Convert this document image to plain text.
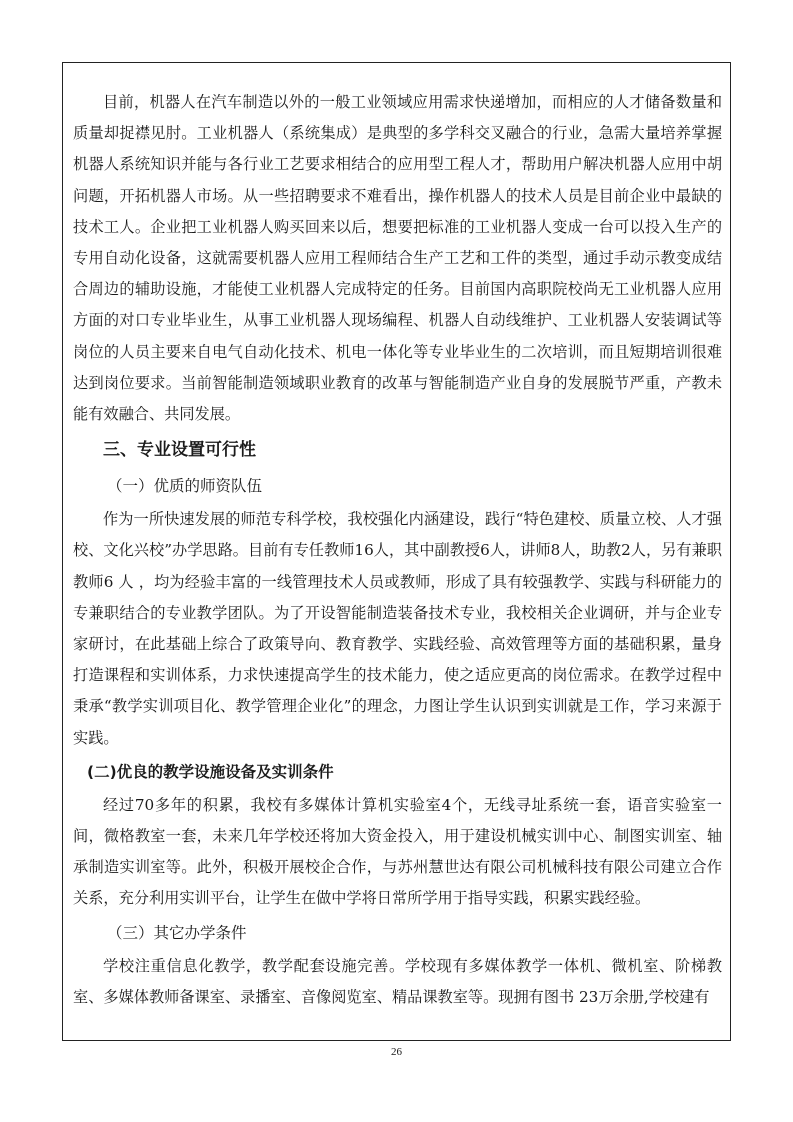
目前，机器人在汽车制造以外的一般工业领域应用需求快递增加，而相应的人才储备数量和质量却捉襟见肘。工业机器人（系统集成）是典型的多学科交叉融合的行业，急需大量培养掌握机器人系统知识并能与各行业工艺要求相结合的应用型工程人才，帮助用户解决机器人应用中胡问题，开拓机器人市场。从一些招聘要求不难看出，操作机器人的技术人员是目前企业中最缺的技术工人。企业把工业机器人购买回来以后，想要把标准的工业机器人变成一台可以投入生产的专用自动化设备，这就需要机器人应用工程师结合生产工艺和工件的类型，通过手动示教变成结合周边的辅助设施，才能使工业机器人完成特定的任务。目前国内高职院校尚无工业机器人应用方面的对口专业毕业生，从事工业机器人现场编程、机器人自动线维护、工业机器人安装调试等岗位的人员主要来自电气自动化技术、机电一体化等专业毕业生的二次培训，而且短期培训很难达到岗位要求。当前智能制造领域职业教育的改革与智能制造产业自身的发展脱节严重，产教未能有效融合、共同发展。

三、专业设置可行性

（一）优质的师资队伍

作为一所快速发展的师范专科学校，我校强化内涵建设，践行“特色建校、质量立校、人才强校、文化兴校”办学思路。目前有专任教师16人，其中副教授6人，讲师8人，助教2人，另有兼职教师6 人 ，均为经验丰富的一线管理技术人员或教师，形成了具有较强教学、实践与科研能力的专兼职结合的专业教学团队。为了开设智能制造装备技术专业，我校相关企业调研，并与企业专家研讨，在此基础上综合了政策导向、教育教学、实践经验、高效管理等方面的基础积累，量身打造课程和实训体系，力求快速提高学生的技术能力，使之适应更高的岗位需求。在教学过程中秉承“教学实训项目化、教学管理企业化”的理念，力图让学生认识到实训就是工作，学习来源于实践。

(二)优良的教学设施设备及实训条件

经过70多年的积累，我校有多媒体计算机实验室4个，无线寻址系统一套，语音实验室一间，微格教室一套，未来几年学校还将加大资金投入，用于建设机械实训中心、制图实训室、轴承制造实训室等。此外，积极开展校企合作，与苏州慧世达有限公司机械科技有限公司建立合作关系，充分利用实训平台，让学生在做中学将日常所学用于指导实践，积累实践经验。

（三）其它办学条件

学校注重信息化教学，教学配套设施完善。学校现有多媒体教学一体机、微机室、阶梯教室、多媒体教师备课室、录播室、音像阅览室、精品课教室等。现拥有图书 23万余册,学校建有

26
